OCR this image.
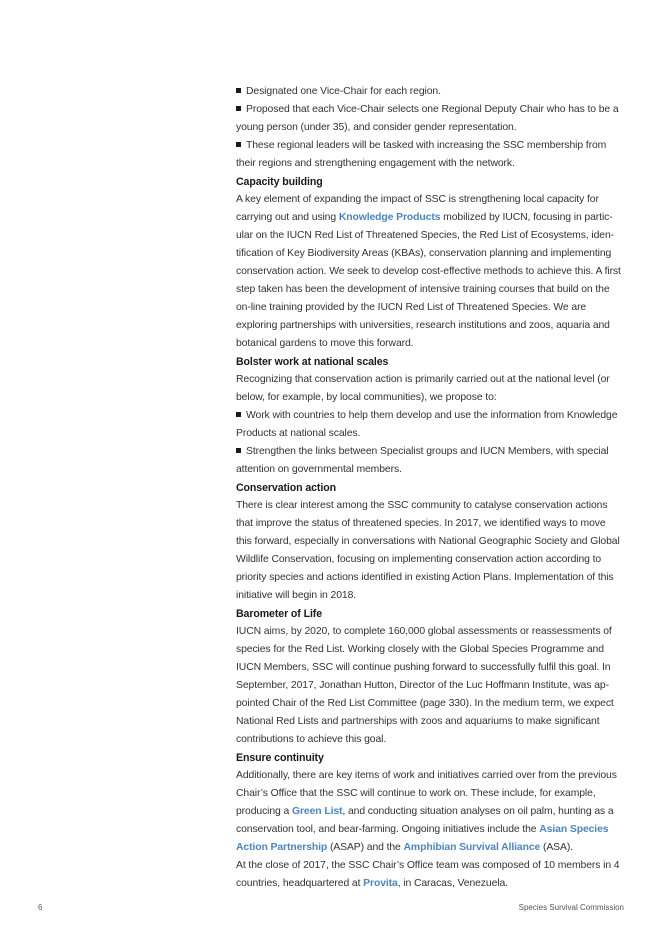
Designated one Vice-Chair for each region.

Proposed that each Vice-Chair selects one Regional Deputy Chair who has to be a young person (under 35), and consider gender representation.

These regional leaders will be tasked with increasing the SSC membership from their regions and strengthening engagement with the network.

Capacity building

A key element of expanding the impact of SSC is strengthening local capacity for carrying out and using Knowledge Products mobilized by IUCN, focusing in particular on the IUCN Red List of Threatened Species, the Red List of Ecosystems, identification of Key Biodiversity Areas (KBAs), conservation planning and implementing conservation action. We seek to develop cost-effective methods to achieve this. A first step taken has been the development of intensive training courses that build on the on-line training provided by the IUCN Red List of Threatened Species. We are exploring partnerships with universities, research institutions and zoos, aquaria and botanical gardens to move this forward.

Bolster work at national scales

Recognizing that conservation action is primarily carried out at the national level (or below, for example, by local communities), we propose to:

Work with countries to help them develop and use the information from Knowledge Products at national scales.

Strengthen the links between Specialist groups and IUCN Members, with special attention on governmental members.

Conservation action

There is clear interest among the SSC community to catalyse conservation actions that improve the status of threatened species. In 2017, we identified ways to move this forward, especially in conversations with National Geographic Society and Global Wildlife Conservation, focusing on implementing conservation action according to priority species and actions identified in existing Action Plans. Implementation of this initiative will begin in 2018.

Barometer of Life

IUCN aims, by 2020, to complete 160,000 global assessments or reassessments of species for the Red List. Working closely with the Global Species Programme and IUCN Members, SSC will continue pushing forward to successfully fulfil this goal. In September, 2017, Jonathan Hutton, Director of the Luc Hoffmann Institute, was appointed Chair of the Red List Committee (page 330). In the medium term, we expect National Red Lists and partnerships with zoos and aquariums to make significant contributions to achieve this goal.

Ensure continuity

Additionally, there are key items of work and initiatives carried over from the previous Chair’s Office that the SSC will continue to work on. These include, for example, producing a Green List, and conducting situation analyses on oil palm, hunting as a conservation tool, and bear-farming. Ongoing initiatives include the Asian Species Action Partnership (ASAP) and the Amphibian Survival Alliance (ASA).

At the close of 2017, the SSC Chair’s Office team was composed of 10 members in 4 countries, headquartered at Provita, in Caracas, Venezuela.

6	Species Survival Commission
